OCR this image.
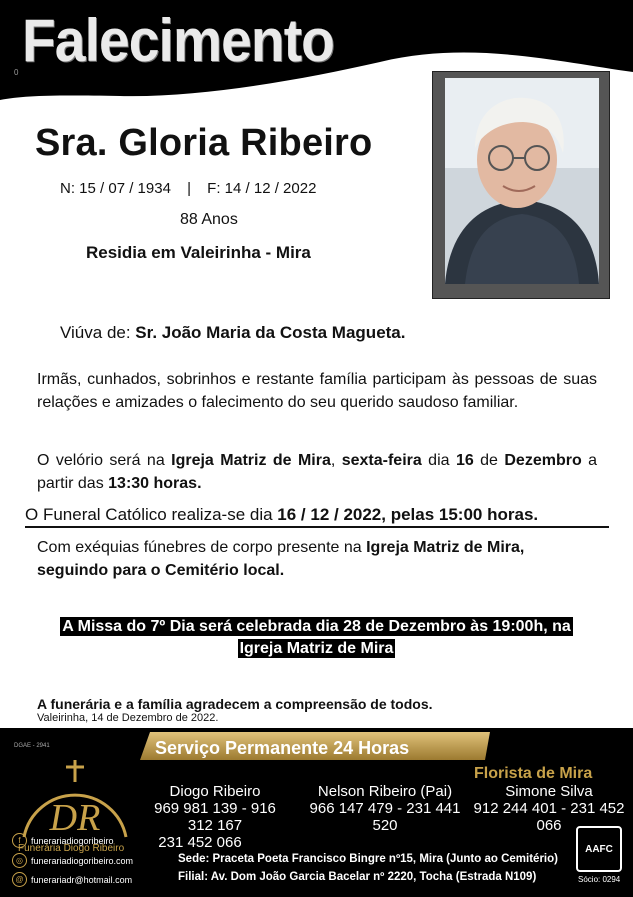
Falecimento
0
Sra. Gloria Ribeiro
N: 15 / 07 / 1934 | F: 14 / 12 / 2022
88 Anos
Residia em Valeirinha - Mira
Viúva de: Sr. João Maria da Costa Magueta.
Irmãs, cunhados, sobrinhos e restante família participam às pessoas de suas relações e amizades o falecimento do seu querido saudoso familiar.
O velório será na Igreja Matriz de Mira, sexta-feira dia 16 de Dezembro a partir das 13:30 horas.
O Funeral Católico realiza-se dia 16 / 12 / 2022, pelas 15:00 horas.
Com exéquias fúnebres de corpo presente na Igreja Matriz de Mira,
seguindo para o Cemitério local.
A Missa do 7º Dia será celebrada dia 28 de Dezembro às 19:00h, na
Igreja Matriz de Mira
A funerária e a família agradecem a compreensão de todos.
Valeirinha, 14 de Dezembro de 2022.
Serviço Permanente 24 Horas
DGAE - 2941
DR
Funerária Diogo Ribeiro
Florista de Mira
Diogo Ribeiro
969 981 139 - 916 312 167
231 452 066
Nelson Ribeiro (Pai)
966 147 479 - 231 441 520
Simone Silva
912 244 401 - 231 452 066
f	funerariadiogoribeiro
◎ funerariadiogoribeiro.com
@ funerariadr@hotmail.com
Sede: Praceta Poeta Francisco Bingre nº15, Mira (Junto ao Cemitério)
Filial: Av. Dom João Garcia Bacelar nº 2220, Tocha (Estrada N109)
AAFC
Sócio: 0294
